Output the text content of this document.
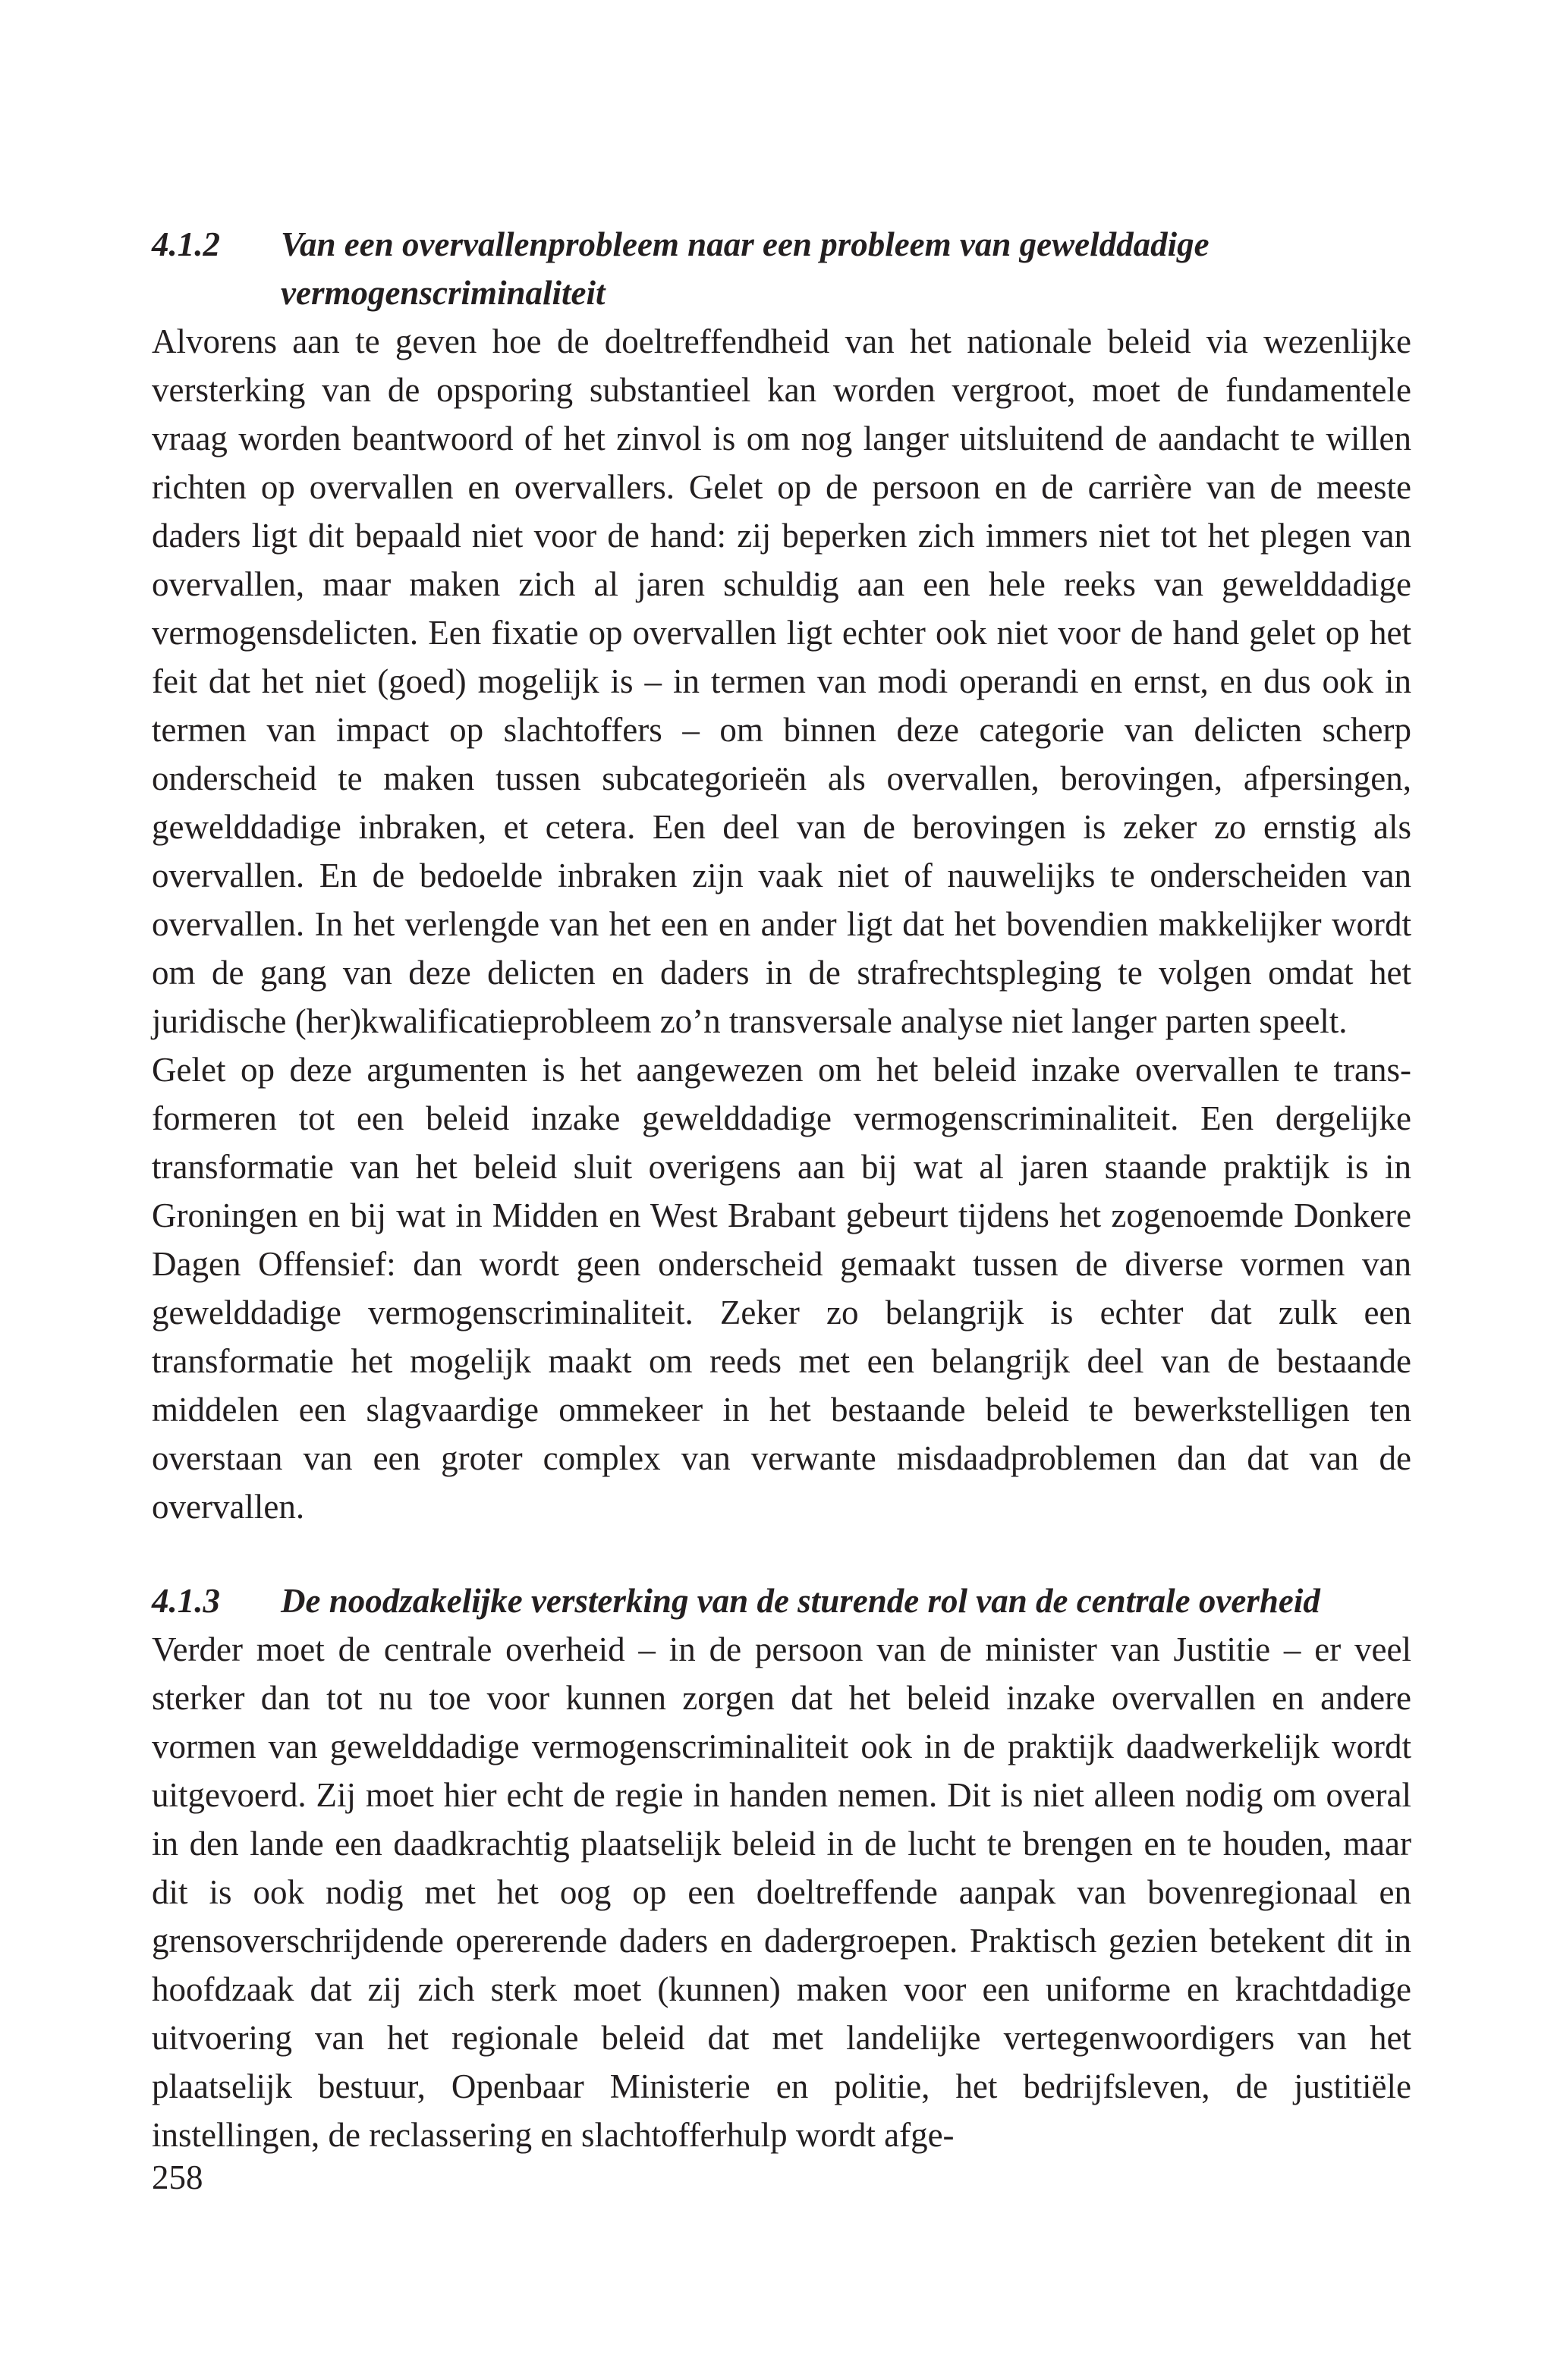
4.1.2	Van een overvallenprobleem naar een probleem van gewelddadige vermogenscriminaliteit

Alvorens aan te geven hoe de doeltreffendheid van het nationale beleid via wezenlijke versterking van de opsporing substantieel kan worden vergroot, moet de fundamentele vraag worden beantwoord of het zinvol is om nog langer uitsluitend de aandacht te willen richten op overvallen en overvallers. Gelet op de persoon en de carrière van de meeste daders ligt dit bepaald niet voor de hand: zij beperken zich immers niet tot het plegen van overvallen, maar maken zich al jaren schuldig aan een hele reeks van gewelddadige vermogensdelicten. Een fixatie op overvallen ligt echter ook niet voor de hand gelet op het feit dat het niet (goed) mogelijk is – in termen van modi operandi en ernst, en dus ook in termen van impact op slachtoffers – om binnen deze categorie van delicten scherp onderscheid te maken tussen subcategorieën als overvallen, berovingen, afpersingen, gewelddadige inbraken, et cetera. Een deel van de berovingen is zeker zo ernstig als overvallen. En de bedoelde inbraken zijn vaak niet of nauwelijks te onderscheiden van overvallen. In het verlengde van het een en ander ligt dat het bovendien makkelijker wordt om de gang van deze delicten en daders in de strafrechtspleging te volgen omdat het juridische (her)kwalificatieprobleem zo’n transversale analyse niet langer parten speelt.

Gelet op deze argumenten is het aangewezen om het beleid inzake overvallen te transformeren tot een beleid inzake gewelddadige vermogenscriminaliteit. Een dergelijke transformatie van het beleid sluit overigens aan bij wat al jaren staande praktijk is in Groningen en bij wat in Midden en West Brabant gebeurt tijdens het zogenoemde Donkere Dagen Offensief: dan wordt geen onderscheid gemaakt tussen de diverse vormen van gewelddadige vermogenscriminaliteit. Zeker zo belangrijk is echter dat zulk een transformatie het mogelijk maakt om reeds met een belangrijk deel van de bestaande middelen een slagvaardige ommekeer in het bestaande beleid te bewerkstelligen ten overstaan van een groter complex van verwante misdaadproblemen dan dat van de overvallen.

4.1.3	De noodzakelijke versterking van de sturende rol van de centrale overheid

Verder moet de centrale overheid – in de persoon van de minister van Justitie – er veel sterker dan tot nu toe voor kunnen zorgen dat het beleid inzake overvallen en andere vormen van gewelddadige vermogenscriminaliteit ook in de praktijk daadwerkelijk wordt uitgevoerd. Zij moet hier echt de regie in handen nemen. Dit is niet alleen nodig om overal in den lande een daadkrachtig plaatselijk beleid in de lucht te brengen en te houden, maar dit is ook nodig met het oog op een doeltreffende aanpak van bovenregionaal en grensoverschrijdende opererende daders en dadergroepen. Praktisch gezien betekent dit in hoofdzaak dat zij zich sterk moet (kunnen) maken voor een uniforme en krachtdadige uitvoering van het regionale beleid dat met landelijke vertegenwoordigers van het plaatselijk bestuur, Openbaar Ministerie en politie, het bedrijfsleven, de justitiële instellingen, de reclassering en slachtofferhulp wordt afge-

258
